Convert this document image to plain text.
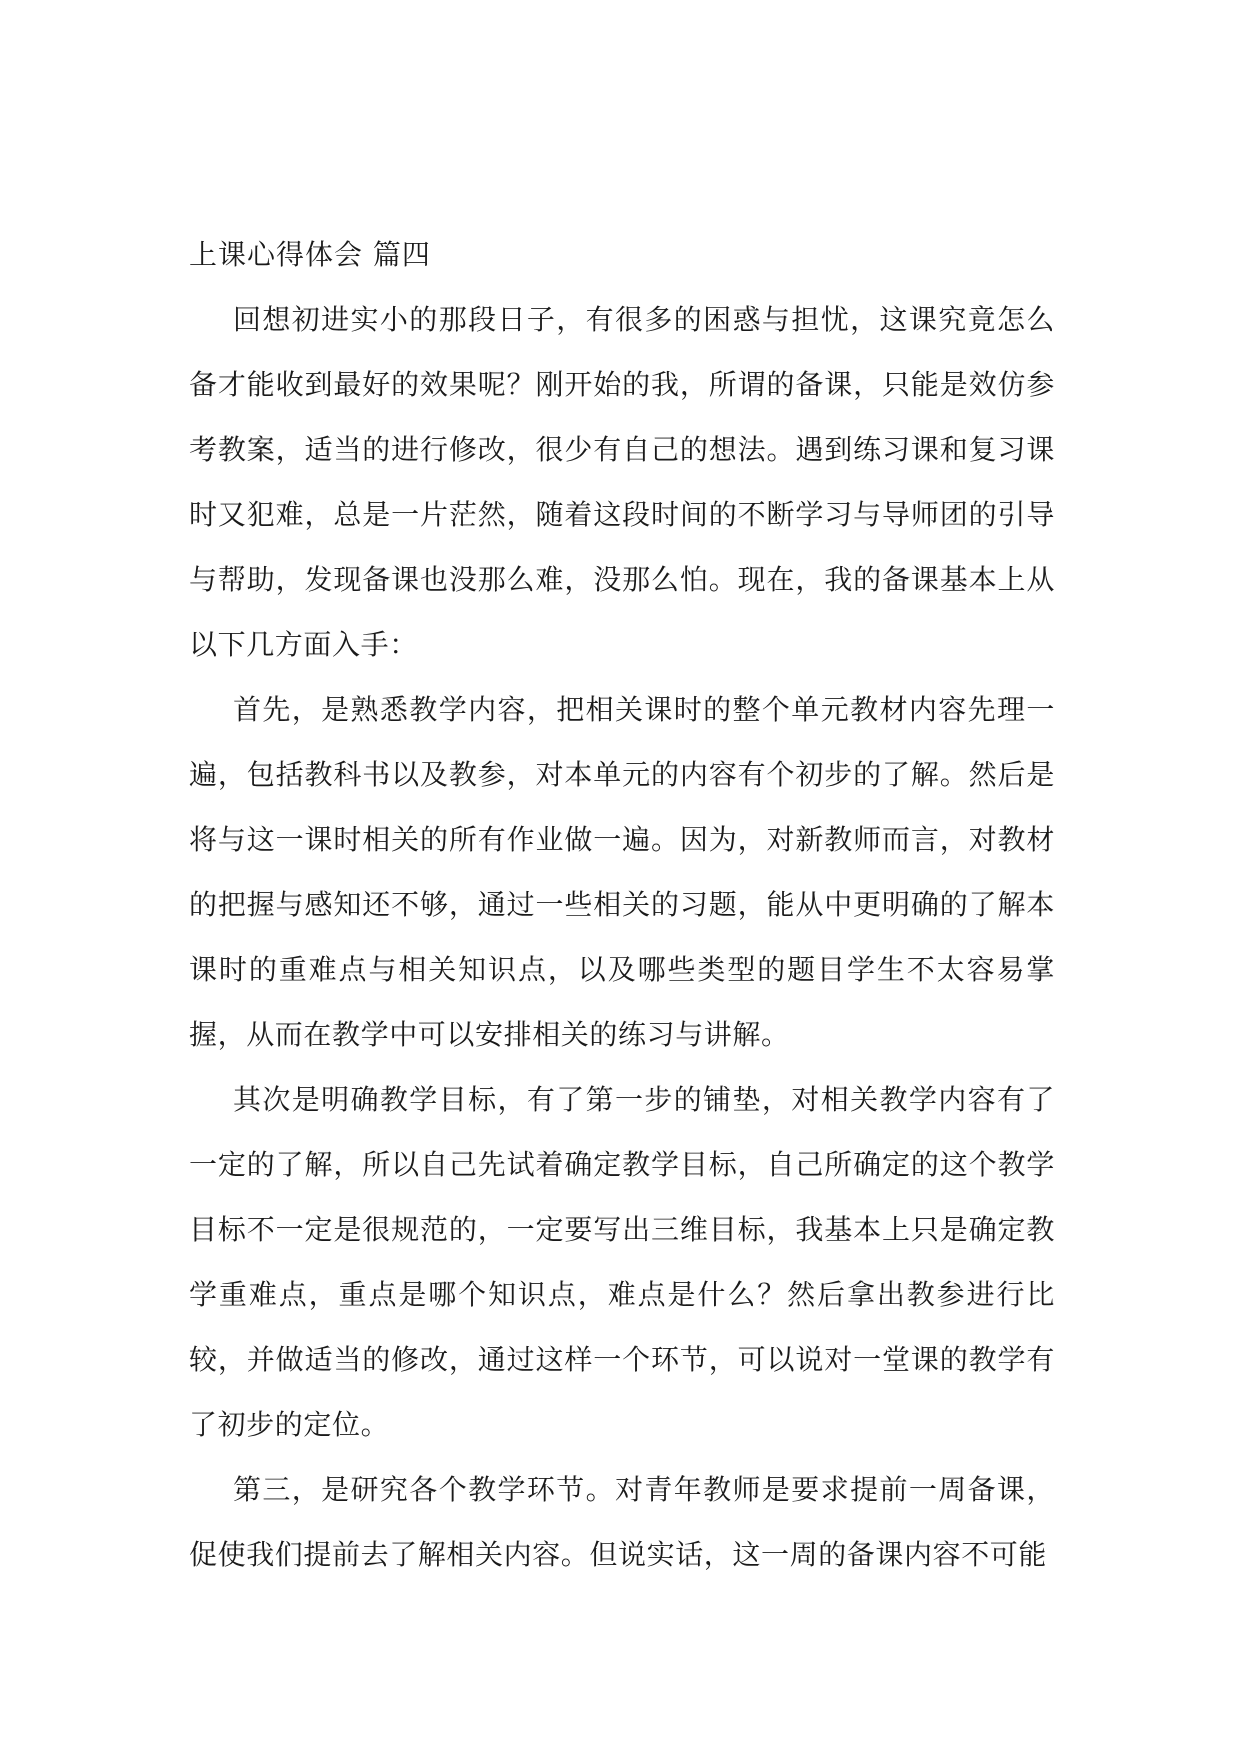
上课心得体会 篇四

回想初进实小的那段日子，有很多的困惑与担忧，这课究竟怎么备才能收到最好的效果呢？刚开始的我，所谓的备课，只能是效仿参考教案，适当的进行修改，很少有自己的想法。遇到练习课和复习课时又犯难，总是一片茫然，随着这段时间的不断学习与导师团的引导与帮助，发现备课也没那么难，没那么怕。现在，我的备课基本上从以下几方面入手：

首先，是熟悉教学内容，把相关课时的整个单元教材内容先理一遍，包括教科书以及教参，对本单元的内容有个初步的了解。然后是将与这一课时相关的所有作业做一遍。因为，对新教师而言，对教材的把握与感知还不够，通过一些相关的习题，能从中更明确的了解本课时的重难点与相关知识点，以及哪些类型的题目学生不太容易掌握，从而在教学中可以安排相关的练习与讲解。

其次是明确教学目标，有了第一步的铺垫，对相关教学内容有了一定的了解，所以自己先试着确定教学目标，自己所确定的这个教学目标不一定是很规范的，一定要写出三维目标，我基本上只是确定教学重难点，重点是哪个知识点，难点是什么？然后拿出教参进行比较，并做适当的修改，通过这样一个环节，可以说对一堂课的教学有了初步的定位。

第三，是研究各个教学环节。对青年教师是要求提前一周备课，促使我们提前去了解相关内容。但说实话，这一周的备课内容不可能
